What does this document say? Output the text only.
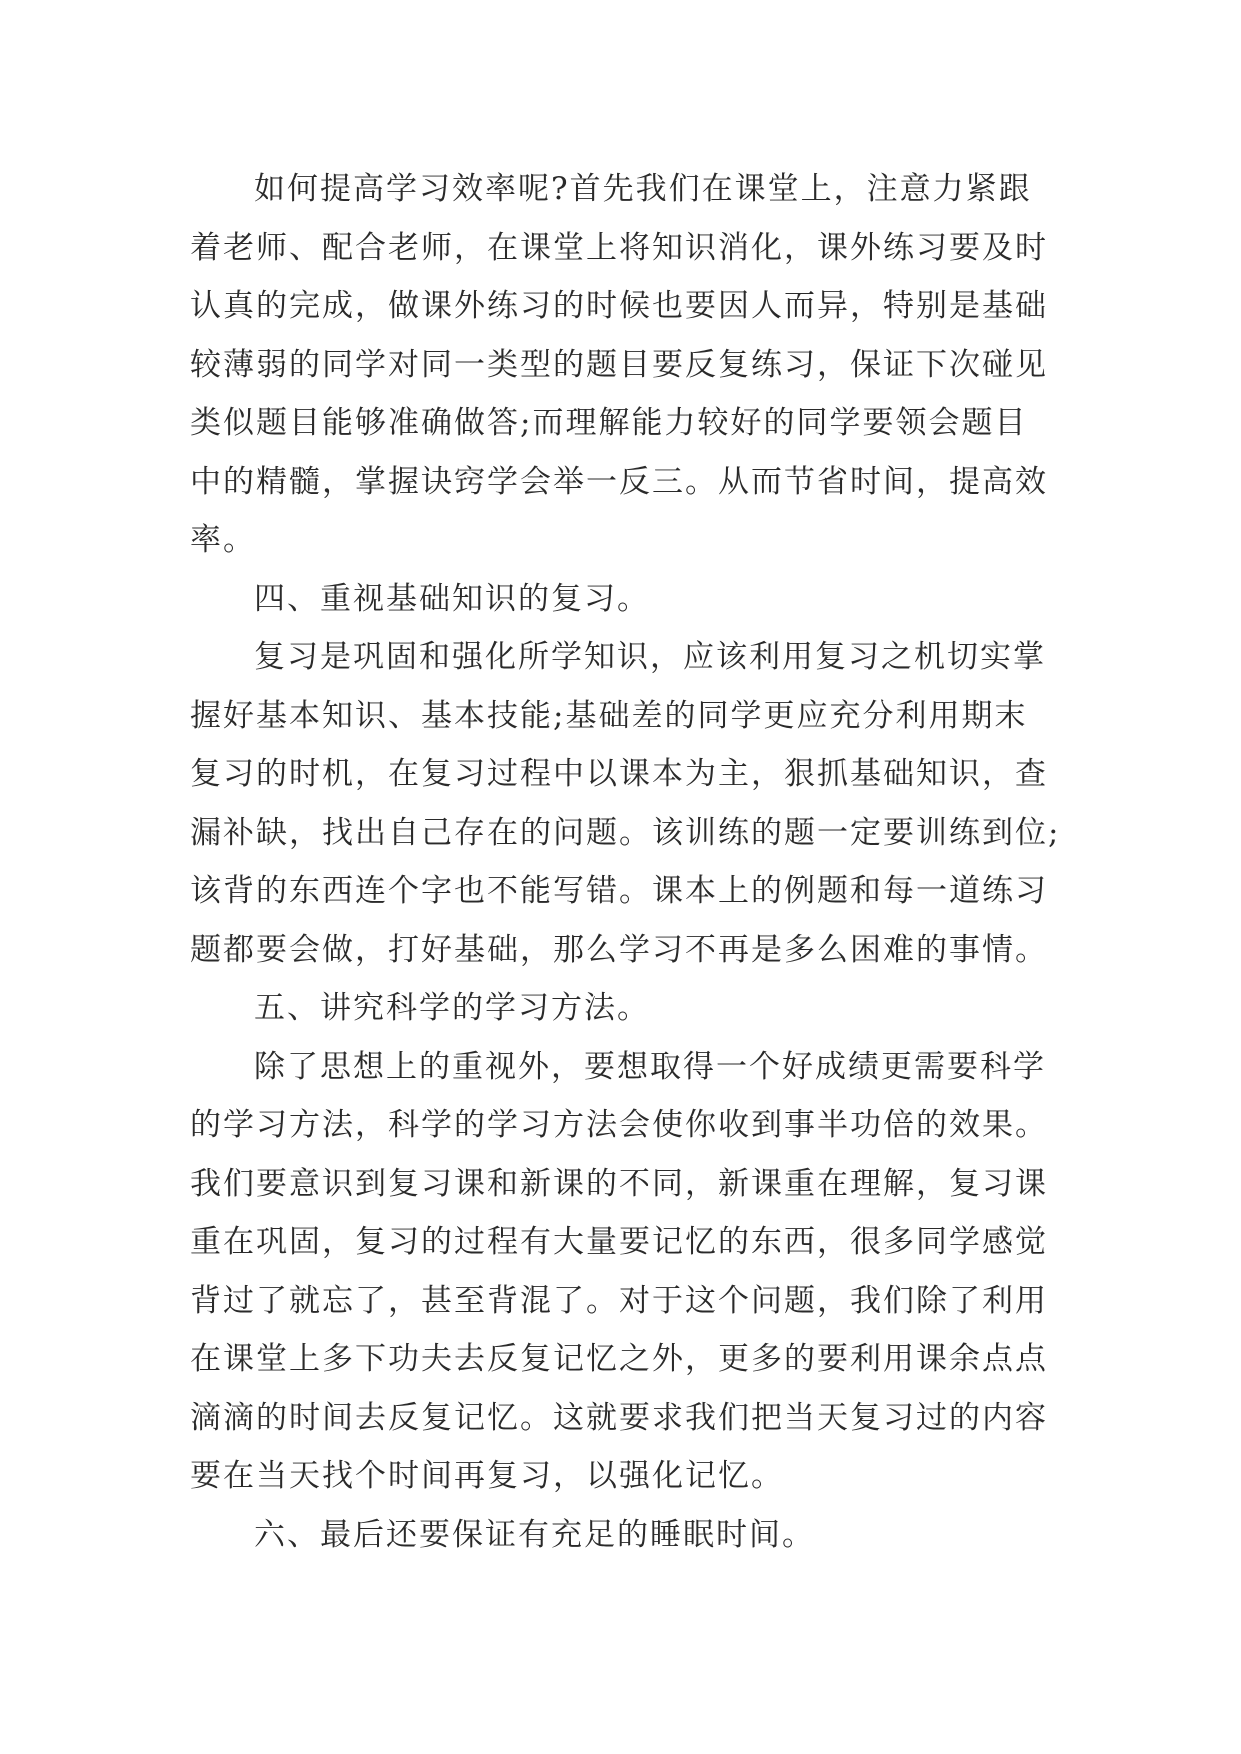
如何提高学习效率呢?首先我们在课堂上，注意力紧跟
着老师、配合老师，在课堂上将知识消化，课外练习要及时
认真的完成，做课外练习的时候也要因人而异，特别是基础
较薄弱的同学对同一类型的题目要反复练习，保证下次碰见
类似题目能够准确做答;而理解能力较好的同学要领会题目
中的精髓，掌握诀窍学会举一反三。从而节省时间，提高效
率。
四、重视基础知识的复习。
复习是巩固和强化所学知识，应该利用复习之机切实掌
握好基本知识、基本技能;基础差的同学更应充分利用期末
复习的时机，在复习过程中以课本为主，狠抓基础知识，查
漏补缺，找出自己存在的问题。该训练的题一定要训练到位;
该背的东西连个字也不能写错。课本上的例题和每一道练习
题都要会做，打好基础，那么学习不再是多么困难的事情。
五、讲究科学的学习方法。
除了思想上的重视外，要想取得一个好成绩更需要科学
的学习方法，科学的学习方法会使你收到事半功倍的效果。
我们要意识到复习课和新课的不同，新课重在理解，复习课
重在巩固，复习的过程有大量要记忆的东西，很多同学感觉
背过了就忘了，甚至背混了。对于这个问题，我们除了利用
在课堂上多下功夫去反复记忆之外，更多的要利用课余点点
滴滴的时间去反复记忆。这就要求我们把当天复习过的内容
要在当天找个时间再复习，以强化记忆。
六、最后还要保证有充足的睡眠时间。
